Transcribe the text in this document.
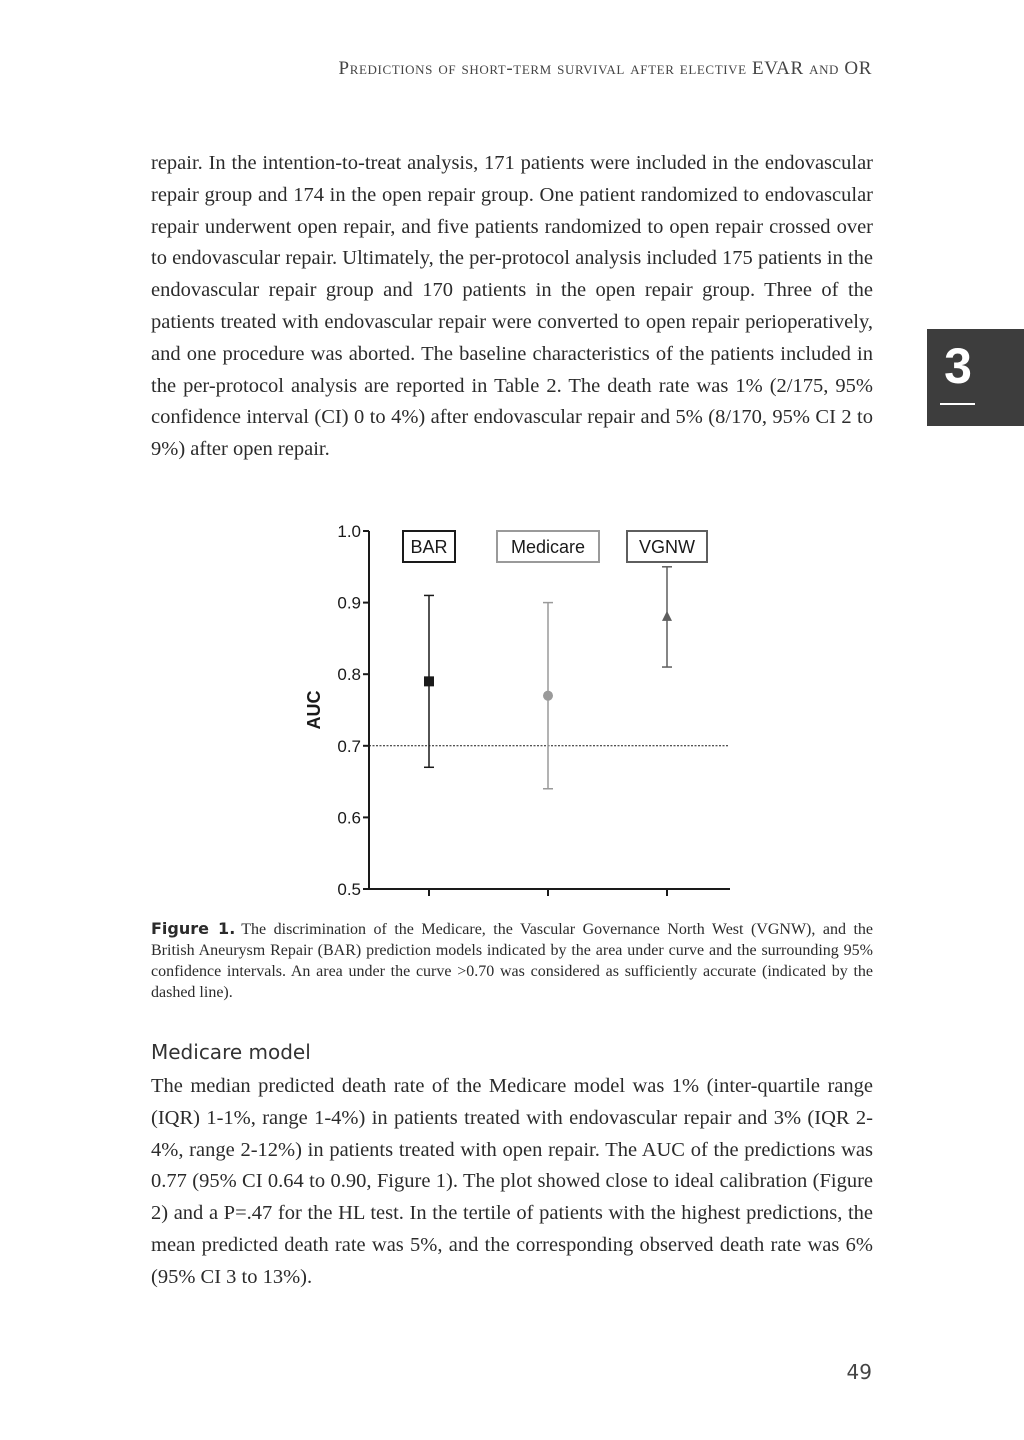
Predictions of short-term survival after elective EVAR and OR
3

repair. In the intention-to-treat analysis, 171 patients were included in the endovascular repair group and 174 in the open repair group. One patient randomized to endovascular repair underwent open repair, and five patients randomized to open repair crossed over to endovascular repair. Ultimately, the per-protocol analysis included 175 patients in the endovascular repair group and 170 patients in the open repair group. Three of the patients treated with endovascular repair were converted to open repair perioperatively, and one procedure was aborted. The baseline characteristics of the patients included in the per-protocol analysis are reported in Table 2. The death rate was 1% (2/175, 95% confidence interval (CI) 0 to 4%) after endovascular repair and 5% (8/170, 95% CI 2 to 9%) after open repair.

0.5
0.6
0.7
0.8
0.9
1.0
AUC
BAR	Medicare	VGNW
Figure 1. The discrimination of the Medicare, the Vascular Governance North West (VGNW), and the British Aneurysm Repair (BAR) prediction models indicated by the area under curve and the surrounding 95% confidence intervals. An area under the curve >0.70 was considered as sufficiently accurate (indicated by the dashed line).
Medicare model

The median predicted death rate of the Medicare model was 1% (inter-quartile range (IQR) 1-1%, range 1-4%) in patients treated with endovascular repair and 3% (IQR 2-4%, range 2-12%) in patients treated with open repair. The AUC of the predictions was 0.77 (95% CI 0.64 to 0.90, Figure 1). The plot showed close to ideal calibration (Figure 2) and a P=.47 for the HL test. In the tertile of patients with the highest predictions, the mean predicted death rate was 5%, and the corresponding observed death rate was 6% (95% CI 3 to 13%).

49
